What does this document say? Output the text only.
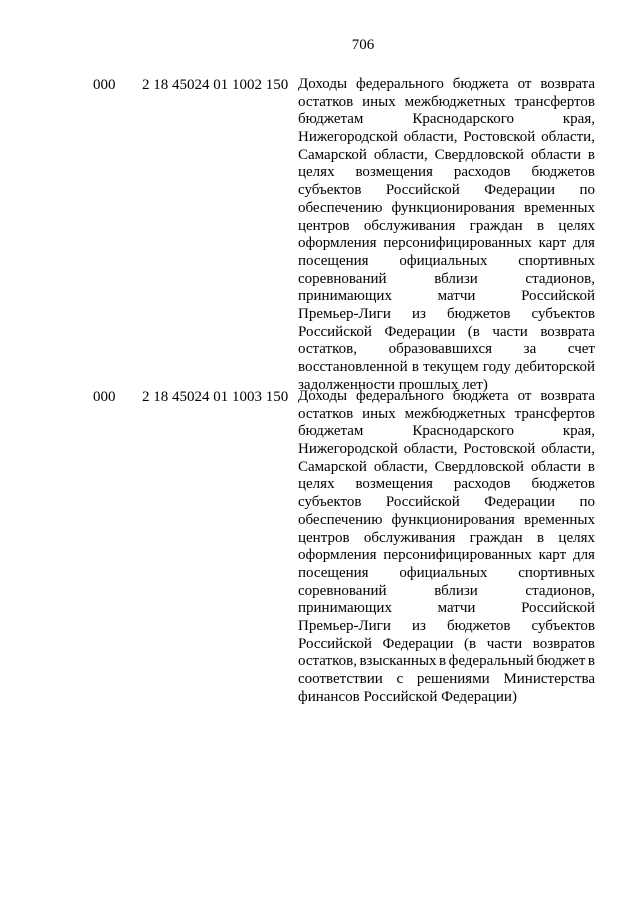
706
000 2 18 45024 01 1002 150 Доходы федерального бюджета от возврата
остатков иных межбюджетных трансфертов
бюджетам	Краснодарского	края,
Нижегородской области, Ростовской области,
Самарской области, Свердловской области в
целях возмещения расходов бюджетов
субъектов Российской Федерации по
обеспечению функционирования временных
центров обслуживания граждан в целях
оформления персонифицированных карт для
посещения официальных спортивных
соревнований	вблизи	стадионов,
принимающих	матчи	Российской
Премьер-Лиги из бюджетов субъектов
Российской Федерации (в части возврата
остатков, образовавшихся за счет
восстановленной в текущем году дебиторской
задолженности прошлых лет)
000 2 18 45024 01 1003 150 Доходы федерального бюджета от возврата
остатков иных межбюджетных трансфертов
бюджетам	Краснодарского	края,
Нижегородской области, Ростовской области,
Самарской области, Свердловской области в
целях возмещения расходов бюджетов
субъектов Российской Федерации по
обеспечению функционирования временных
центров обслуживания граждан в целях
оформления персонифицированных карт для
посещения официальных спортивных
соревнований	вблизи	стадионов,
принимающих	матчи	Российской
Премьер-Лиги из бюджетов субъектов
Российской Федерации (в части возвратов
остатков, взысканных в федеральный бюджет в
соответствии с решениями Министерства
финансов Российской Федерации)
